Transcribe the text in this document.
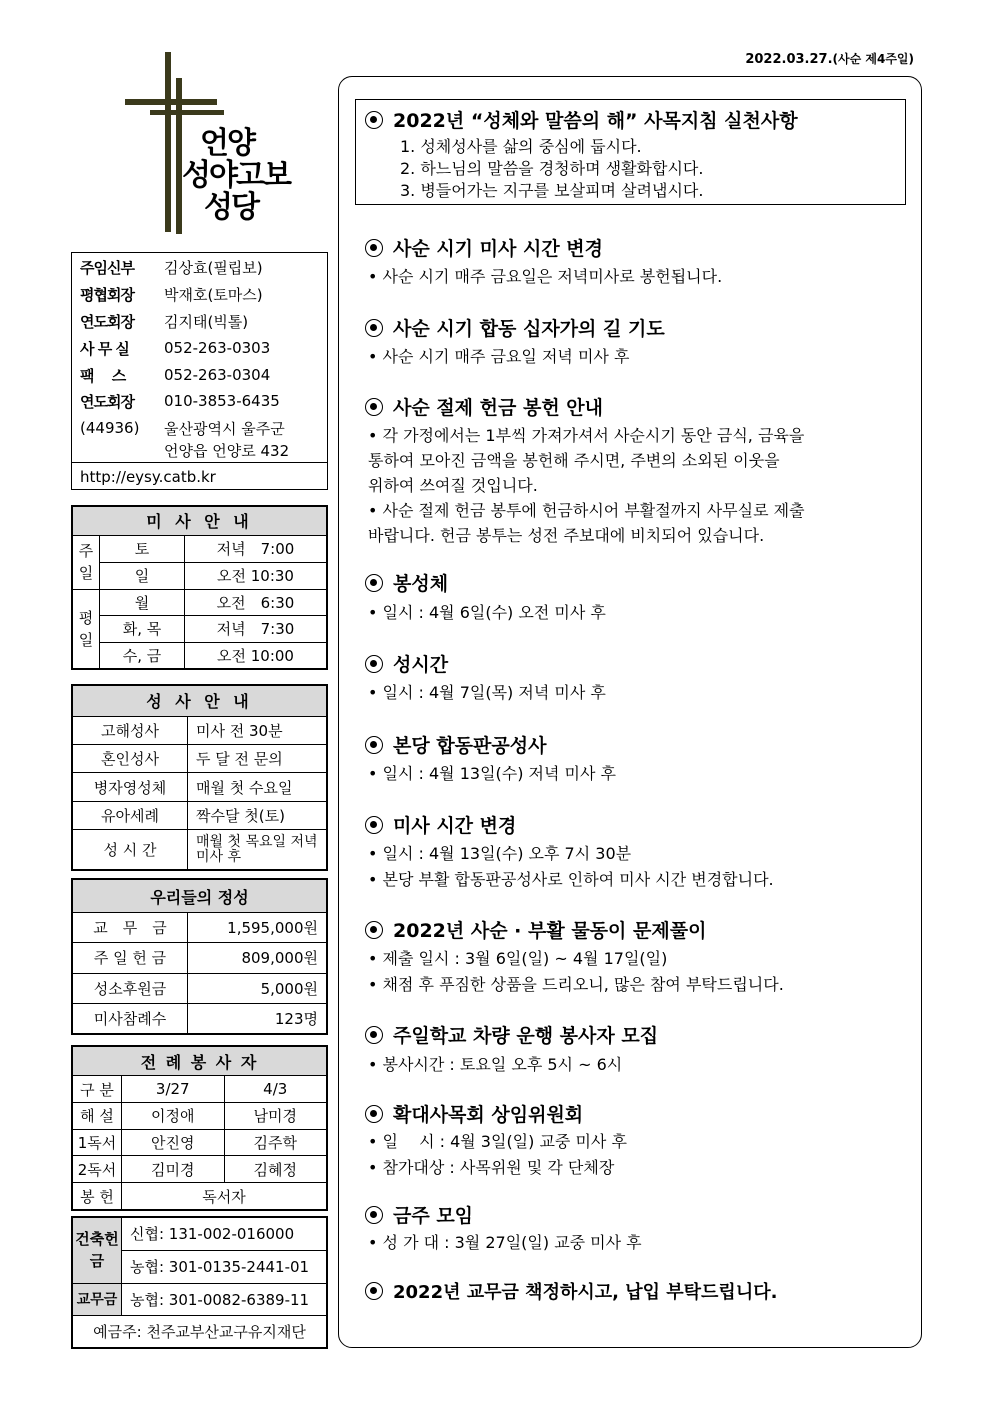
2022.03.27.(사순 제4주일)
언양
성야고보
성당
주임신부	김상효(필립보)
평협회장	박재호(토마스)
연도회장	김지태(빅톨)
사 무 실	052-263-0303
팩　 스	052-263-0304
연도회장	010-3853-6435
(44936)	울산광역시 울주군
언양읍 언양로 432
http://eysy.catb.kr
미 사 안 내		
주일	토	저녁　7:00
	일	오전 10:30
평일	월	오전　6:30
	화, 목	저녁　7:30
	수, 금	오전 10:00
성 사 안 내	
고해성사	미사 전 30분
혼인성사	두 달 전 문의
병자영성체	매월 첫 수요일
유아세례	짝수달 첫(토)
성 시 간	매월 첫 목요일 저녁미사 후
우리들의 정성	
교　무　금	1,595,000원
주 일 헌 금	809,000원
성소후원금	5,000원
미사참례수	123명
전 례 봉 사 자		
구 분	3/27	4/3
해 설	이정애	남미경
1독서	안진영	김주학
2독서	김미경	김혜정
봉 헌	독서자	
건축헌금	신협: 131-002-016000
	농협: 301-0135-2441-01
교무금	농협: 301-0082-6389-11
예금주: 천주교부산교구유지재단	
2022년 “성체와 말씀의 해” 사목지침 실천사항
1. 성체성사를 삶의 중심에 둡시다.
2. 하느님의 말씀을 경청하며 생활화합시다.
3. 병들어가는 지구를 보살피며 살려냅시다.
사순 시기 미사 시간 변경
• 사순 시기 매주 금요일은 저녁미사로 봉헌됩니다.
사순 시기 합동 십자가의 길 기도
• 사순 시기 매주 금요일 저녁 미사 후
사순 절제 헌금 봉헌 안내
• 각 가정에서는 1부씩 가져가셔서 사순시기 동안 금식, 금육을
통하여 모아진 금액을 봉헌해 주시면, 주변의 소외된 이웃을
위하여 쓰여질 것입니다.
• 사순 절제 헌금 봉투에 헌금하시어 부활절까지 사무실로 제출
바랍니다. 헌금 봉투는 성전 주보대에 비치되어 있습니다.
봉성체
• 일시 : 4월 6일(수) 오전 미사 후
성시간
• 일시 : 4월 7일(목) 저녁 미사 후
본당 합동판공성사
• 일시 : 4월 13일(수) 저녁 미사 후
미사 시간 변경
• 일시 : 4월 13일(수) 오후 7시 30분
• 본당 부활 합동판공성사로 인하여 미사 시간 변경합니다.
2022년 사순 · 부활 물동이 문제풀이
• 제출 일시 : 3월 6일(일) ~ 4월 17일(일)
• 채점 후 푸짐한 상품을 드리오니, 많은 참여 부탁드립니다.
주일학교 차량 운행 봉사자 모집
• 봉사시간 : 토요일 오후 5시 ~ 6시
확대사목회 상임위원회
• 일　 시 : 4월 3일(일) 교중 미사 후
• 참가대상 : 사목위원 및 각 단체장
금주 모임
• 성 가 대 : 3월 27일(일) 교중 미사 후
2022년 교무금 책정하시고, 납입 부탁드립니다.
